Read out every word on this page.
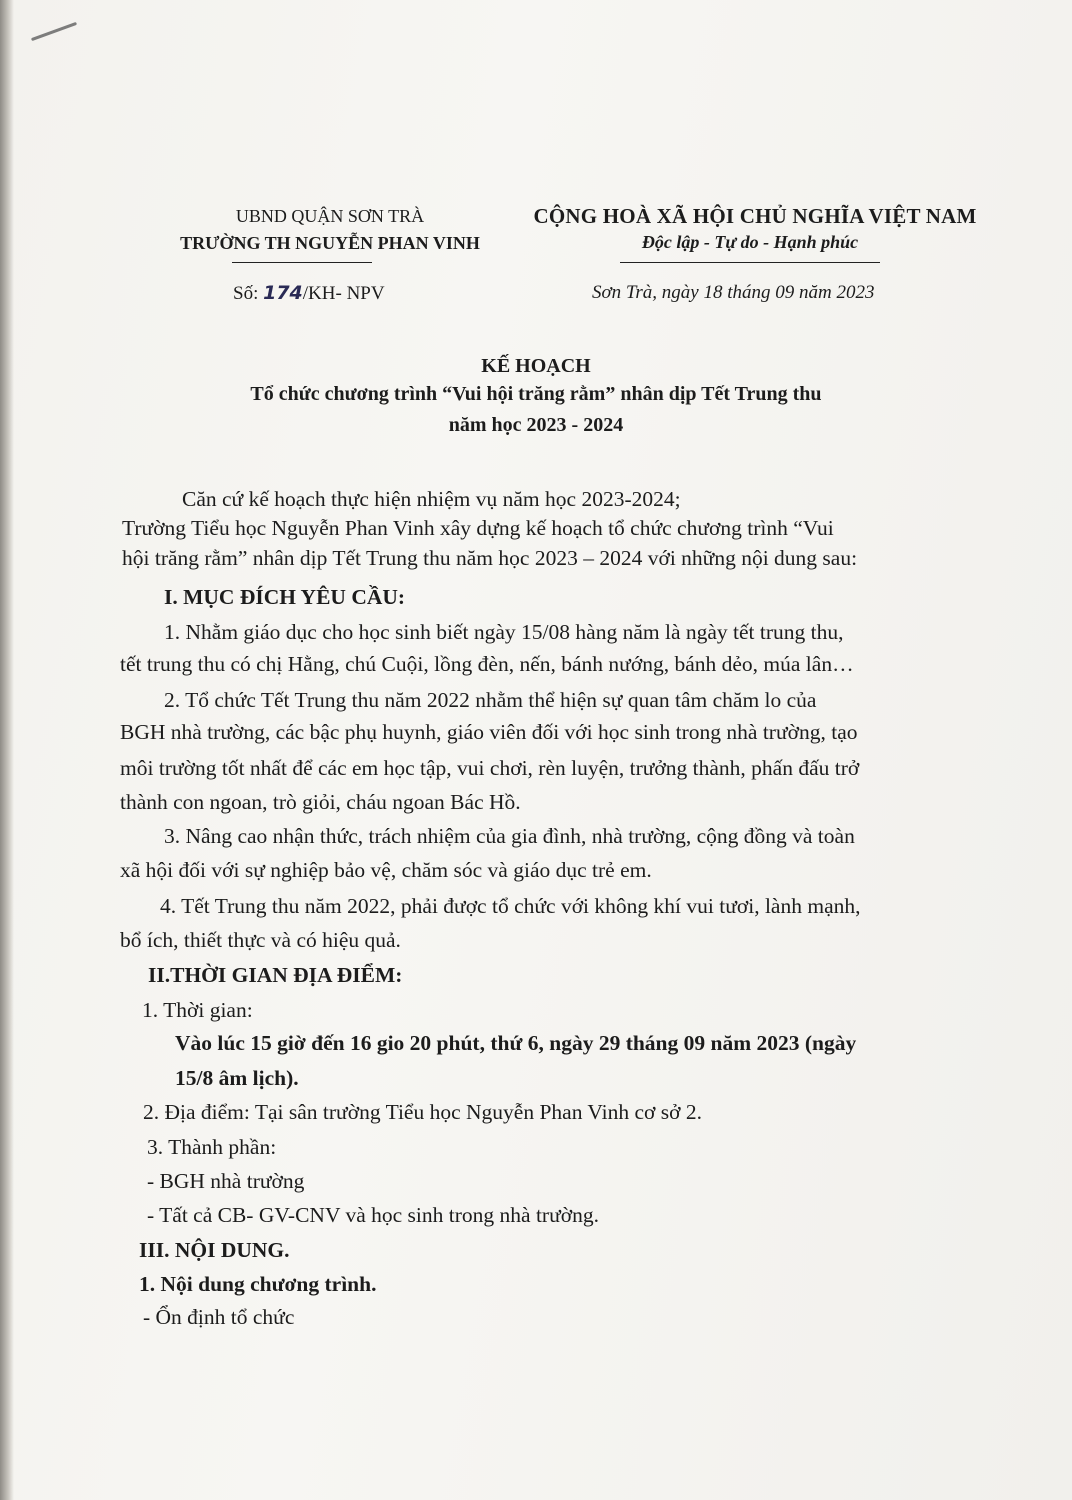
UBND QUẬN SƠN TRÀ
TRƯỜNG TH NGUYỄN PHAN VINH
CỘNG HOÀ XÃ HỘI CHỦ NGHĨA VIỆT NAM
Độc lập - Tự do - Hạnh phúc
Số: 174/KH- NPV	Sơn Trà, ngày 18 tháng 09 năm 2023
KẾ HOẠCH
Tổ chức chương trình “Vui hội trăng rằm” nhân dịp Tết Trung thu
năm học 2023 - 2024
Căn cứ kế hoạch thực hiện nhiệm vụ năm học 2023-2024;
Trường Tiểu học Nguyễn Phan Vinh xây dựng kế hoạch tổ chức chương trình “Vui
hội trăng rằm” nhân dịp Tết Trung thu năm học 2023 – 2024 với những nội dung sau:
I. MỤC ĐÍCH YÊU CẦU:
1. Nhằm giáo dục cho học sinh biết ngày 15/08 hàng năm là ngày tết trung thu,
tết trung thu có chị Hằng, chú Cuội, lồng đèn, nến, bánh nướng, bánh dẻo, múa lân…
2. Tổ chức Tết Trung thu năm 2022 nhằm thể hiện sự quan tâm chăm lo của
BGH nhà trường, các bậc phụ huynh, giáo viên đối với học sinh trong nhà trường, tạo
môi trường tốt nhất để các em học tập, vui chơi, rèn luyện, trưởng thành, phấn đấu trở
thành con ngoan, trò giỏi, cháu ngoan Bác Hồ.
3. Nâng cao nhận thức, trách nhiệm của gia đình, nhà trường, cộng đồng và toàn
xã hội đối với sự nghiệp bảo vệ, chăm sóc và giáo dục trẻ em.
4. Tết Trung thu năm 2022, phải được tổ chức với không khí vui tươi, lành mạnh,
bổ ích, thiết thực và có hiệu quả.
II.THỜI GIAN ĐỊA ĐIỂM:
1. Thời gian:
Vào lúc 15 giờ đến 16 gio 20 phút, thứ 6, ngày 29 tháng 09 năm 2023 (ngày
15/8 âm lịch).
2. Địa điểm: Tại sân trường Tiểu học Nguyễn Phan Vinh cơ sở 2.
3. Thành phần:
- BGH nhà trường
- Tất cả CB- GV-CNV và học sinh trong nhà trường.
III. NỘI DUNG.
1. Nội dung chương trình.
- Ổn định tổ chức
